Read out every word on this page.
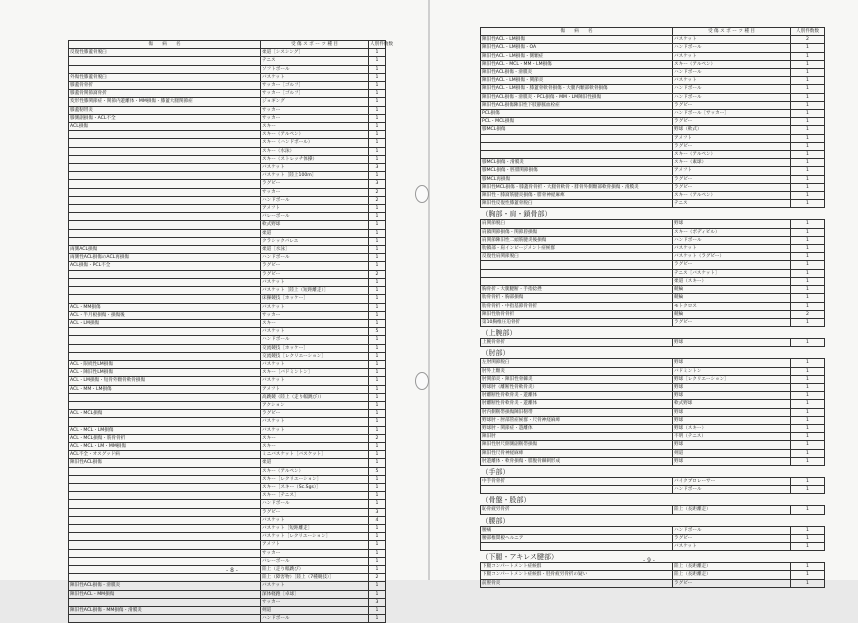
傷　　病　　名	受 傷 ス ポ ー ツ 種 目	人別件数数
反復性膝蓋骨脱臼	柔道［シスシング］	1
	テニス	1
	ソフトボール	1
外傷性膝蓋骨脱臼	バスケット	1
膝蓋骨骨折	サッカー［ゴルフ］	1
膝蓋骨関節窩骨折	サッカー［ゴルフ］	1
変形性膝関節症・関節内遊離体・MM損傷・膝蓋大腿関節症	ジョギング	1
膝蓋靭帯炎	サッカー	1
膝側副損傷・ACL不全	サッカー	1
ACL損傷	スキー	1
	スキー（アルペン）	1
	スキー（ハンドボール）	1
	スキー（水泳）	1
	スキー（ストレッチ体操）	1
	バスケット	3
	バスケット［陸上100m］	1
	ラグビー	3
	サッカー	2
	ハンドボール	2
	アメフト	1
	バレーボール	1
	軟式野球	1
	柔道	1
	クラシックバレエ	1
両側ACL損傷	柔道［水泳］	1
両側性ACL損傷のACL再損傷	ハンドボール	1
ACL損傷・PCL不全	ラグビー	1
	ラグビー	2
	バスケット	1
	バスケット［陸上（短距離走）］	1
	床操競技［ホッケー］	1
ACL・MM損傷	バスケット	1
ACL・半月板損傷・損傷後	サッカー	1
ACL・LM損傷	スキー	1
	バスケット	5
	ハンドボール	1
	交流競技［ホッケー］	1
	交流競技［レクリエーション］	1
ACL・限続性LM損傷	バスケット	1
ACL・陳旧性LM損傷	スキー［バドミントン］	1
ACL・LM損傷・短骨外顆骨軟骨損傷	バスケット	1
ACL・MM・LM損傷	アメフト	1
	高跳競（陸上（走り幅跳び））	1
	アクション	1
ACL・MCL損傷	ラグビー	1
	バスケット	1
ACL・MCL・LM損傷	バスケット	1
ACL・MCL損傷・筋骨骨折	スキー	2
ACL・MCL・LM・MM損傷	スキー	1
ACL不全・オスグッド病	ミニバスケット［バスケット］	1
陳旧性ACL損傷	柔道	1
	スキー（アルペン）	5
	スキー［レクリエーション］	1
	スキー［スキー（Sc.Sgs）］	1
	スキー［テニス］	1
	ハンドボール	1
	ラグビー	3
	バスケット	4
	バスケット［短距離走］	1
	バスケット［レクリエーション］	1
	アメフト	1
	サッカー	1
	バレーボール	1
	陸上（走り幅跳び）	1
	陸上（障害物）［陸上（7種競技）］	2
陳旧性ACL損傷・滑膜炎	バスケット	1
陳旧性ACL・MM損傷	深体軽跑［卓球］	1
	サッカー	3
陳旧性ACL損傷・MM損傷・滑膜炎	剣道	1
	ハンドボール	1
- 8 -
傷　　病　　名	受 傷 ス ポ ー ツ 種 目	人別件数数
陳旧性ACL・LM損傷	バスケット	2
陳旧性ACL・LM損傷・OA	ハンドボール	1
陳旧性ACL・LM損傷・側顆症	バスケット	1
陳旧性ACL・MCL・MM・LM損傷	スキー（アルペン）	1
陳旧性ACL損傷・滑膜炎	ハンドボール	1
陳旧性ACL・LM損傷・関節炎	バスケット	1
陳旧性ACL・LM損傷・膝蓋骨軟骨損傷・大腿内顆部軟骨損傷	ハンドボール	1
陳旧性ACL損傷・滑膜炎・PCL損傷・MM・LM陳旧性損傷	ハンドボール	1
陳旧性ACL損傷陳旧性下肢静脈血栓症	ラグビー	1
PCL損傷	ハンドボール［サッカー］	1
PCL・MCL損傷	ラグビー	1
膝MCL損傷	野球（軟式）	1
	アメフト	1
	ラグビー	1
	スキー（アルペン）	1
膝MCL損傷・滑膜炎	スキー（素球）	1
膝MCL損傷・脛腓関節損傷	アメフト	1
膝MCL再損傷	ラグビー	1
陳旧性MCL損傷・膝蓋骨骨折・大腿骨軟骨・腓骨外側顆部軟骨損傷・滑膜炎	ラグビー	1
陳旧性・膝窩筋腱炎損傷・腓骨神経麻痺	スキー（アルペン）	1
陳旧性反復性膝蓋骨脱臼	テニス	1
（胸部・肩・鎖骨部）		
肩関節脱臼	野球	1
肩鎖関節損傷・関節唇損傷	スキー（ボディビル）	1
肩関節陳旧性二頭筋腱炎後損傷	ハンドボール	1
肋鎖部・肩インピージメント症候群	バスケット	1
反復性肩関節脱臼	バスケット（ラグビー）	1
	ラグビー	1
	テニス［バスケット］	1
	柔道（スキー）	1
胸骨折・大腿腱断・手指捻挫	競輪	1
肋骨骨折・胸部損傷	競輪	1
肋骨骨折・中指基節骨骨折	モトクロス	1
陳旧性肋骨骨折	競輪	2
第10胸椎圧迫骨折	ラグビー	1
（上腕部）		
上腕骨骨折	野球	1
（肘部）		
左肘関節脱臼	野球	1
肘外上顆炎	バドミントン	1
肘関節炎・陳旧性骨棘炎	野球［レクリエーション］	1
野球肘（離断性骨軟骨炎）	野球	1
肘離断性骨軟骨炎・遊離体	野球	1
肘離断性骨軟骨炎・遊離体	軟式野球	1
肘内側靭帯損傷陳旧靭帯	野球	1
野球肘・肘部管症候群・尺骨神経麻痺	野球	1
野球肘・関節症・遊離体	野球（スキー）	1
陳旧肘	不明（テニス）	1
陳旧性肘尺側側副靭帯損傷	野球	1
陳旧性尺骨神経麻痺	剣道	1
肘遊離体・軟骨損傷・腓腹骨棘刺形成	野球	1
（手部）		
中手骨骨折	バイクブロレーサー	1
	ハンドボール	1
（骨盤・股部）		
恥骨疲労骨折	陸上（長距離走）	1
（腰部）		
腰痛	ハンドボール	1
腰部椎間板ヘルニア	ラグビー	1
	バスケット	1
（下腿・アキレス腱部）		
下腿コンパートメント症候群	陸上（長距離走）	1
下腿コンパートメント症候群・胫骨疲労骨折の疑い	陸上（長距離走）	1
前脛骨炎	ラグビー	1
- 9 -
